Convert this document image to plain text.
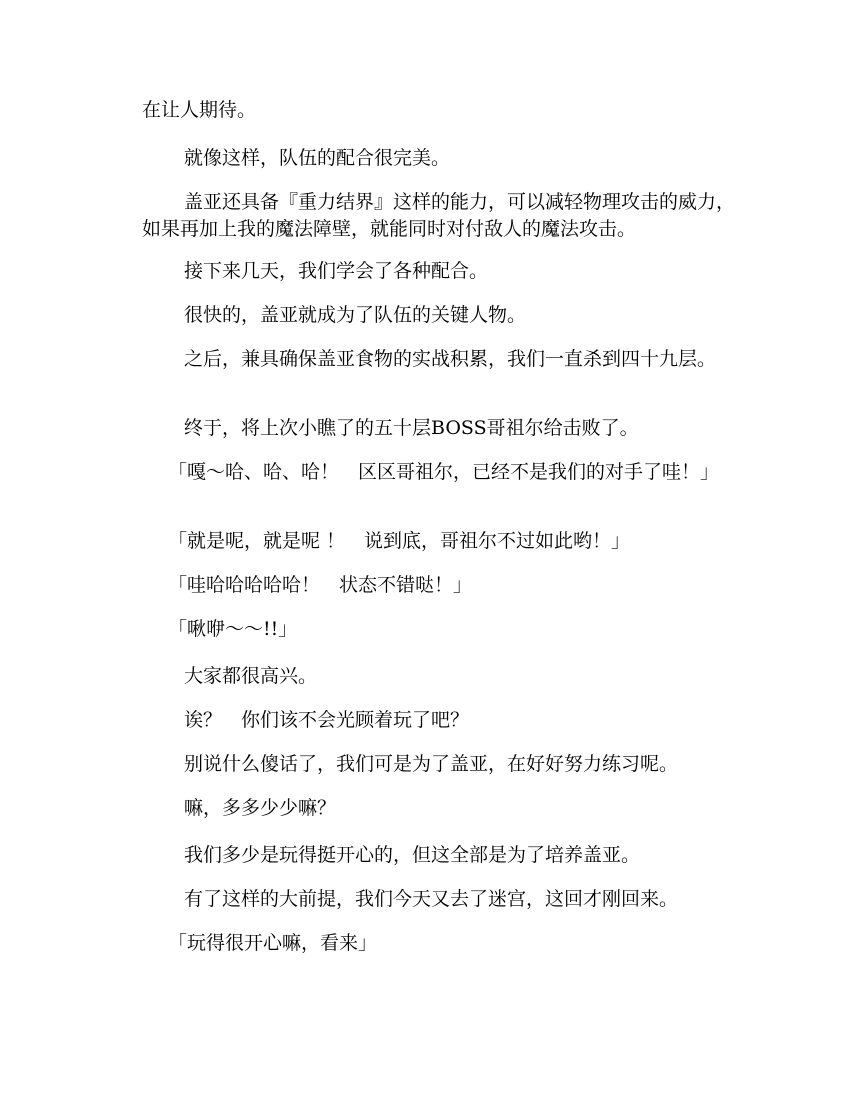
在让人期待。

就像这样，队伍的配合很完美。

盖亚还具备『重力结界』这样的能力，可以减轻物理攻击的威力，如果再加上我的魔法障壁，就能同时对付敌人的魔法攻击。

接下来几天，我们学会了各种配合。

很快的，盖亚就成为了队伍的关键人物。

之后，兼具确保盖亚食物的实战积累，我们一直杀到四十九层。

终于，将上次小瞧了的五十层BOSS哥祖尔给击败了。

「嘎～哈、哈、哈！　区区哥祖尔，已经不是我们的对手了哇！」

「就是呢，就是呢 ！　说到底，哥祖尔不过如此哟！」

「哇哈哈哈哈哈！　状态不错哒！」

「啾咿～～!!」

大家都很高兴。

诶？　你们该不会光顾着玩了吧？

别说什么傻话了，我们可是为了盖亚，在好好努力练习呢。

嘛，多多少少嘛？

我们多少是玩得挺开心的，但这全部是为了培养盖亚。

有了这样的大前提，我们今天又去了迷宫，这回才刚回来。

「玩得很开心嘛，看来」
